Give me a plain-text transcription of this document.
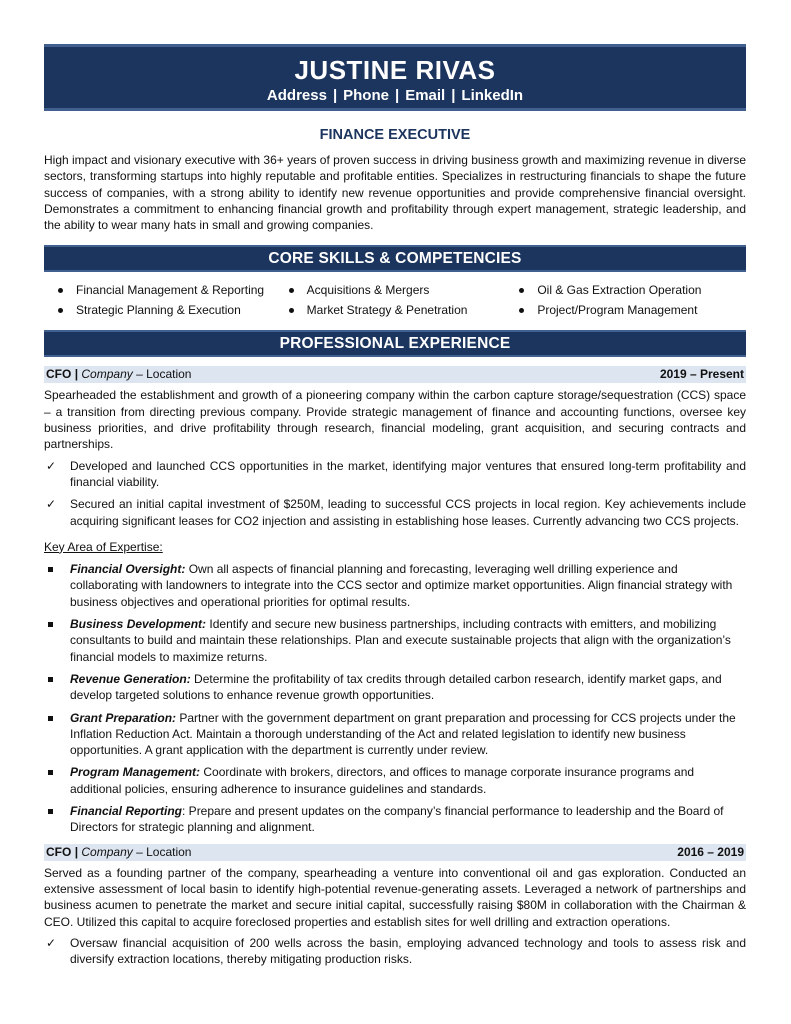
JUSTINE RIVAS
Address | Phone | Email | LinkedIn
FINANCE EXECUTIVE
High impact and visionary executive with 36+ years of proven success in driving business growth and maximizing revenue in diverse sectors, transforming startups into highly reputable and profitable entities. Specializes in restructuring financials to shape the future success of companies, with a strong ability to identify new revenue opportunities and provide comprehensive financial oversight. Demonstrates a commitment to enhancing financial growth and profitability through expert management, strategic leadership, and the ability to wear many hats in small and growing companies.
CORE SKILLS & COMPETENCIES
Financial Management & Reporting
Strategic Planning & Execution
Acquisitions & Mergers
Market Strategy & Penetration
Oil & Gas Extraction Operation
Project/Program Management
PROFESSIONAL EXPERIENCE
CFO | Company – Location	2019 – Present
Spearheaded the establishment and growth of a pioneering company within the carbon capture storage/sequestration (CCS) space – a transition from directing previous company. Provide strategic management of finance and accounting functions, oversee key business priorities, and drive profitability through research, financial modeling, grant acquisition, and securing contracts and partnerships.
✓ Developed and launched CCS opportunities in the market, identifying major ventures that ensured long-term profitability and financial viability.
✓ Secured an initial capital investment of $250M, leading to successful CCS projects in local region. Key achievements include acquiring significant leases for CO2 injection and assisting in establishing hose leases. Currently advancing two CCS projects.
Key Area of Expertise:
Financial Oversight: Own all aspects of financial planning and forecasting, leveraging well drilling experience and collaborating with landowners to integrate into the CCS sector and optimize market opportunities. Align financial strategy with business objectives and operational priorities for optimal results.
Business Development: Identify and secure new business partnerships, including contracts with emitters, and mobilizing consultants to build and maintain these relationships. Plan and execute sustainable projects that align with the organization’s financial models to maximize returns.
Revenue Generation: Determine the profitability of tax credits through detailed carbon research, identify market gaps, and develop targeted solutions to enhance revenue growth opportunities.
Grant Preparation: Partner with the government department on grant preparation and processing for CCS projects under the Inflation Reduction Act. Maintain a thorough understanding of the Act and related legislation to identify new business opportunities. A grant application with the department is currently under review.
Program Management: Coordinate with brokers, directors, and offices to manage corporate insurance programs and additional policies, ensuring adherence to insurance guidelines and standards.
Financial Reporting: Prepare and present updates on the company’s financial performance to leadership and the Board of Directors for strategic planning and alignment.
CFO | Company – Location	2016 – 2019
Served as a founding partner of the company, spearheading a venture into conventional oil and gas exploration. Conducted an extensive assessment of local basin to identify high-potential revenue-generating assets. Leveraged a network of partnerships and business acumen to penetrate the market and secure initial capital, successfully raising $80M in collaboration with the Chairman & CEO. Utilized this capital to acquire foreclosed properties and establish sites for well drilling and extraction operations.
✓ Oversaw financial acquisition of 200 wells across the basin, employing advanced technology and tools to assess risk and diversify extraction locations, thereby mitigating production risks.
